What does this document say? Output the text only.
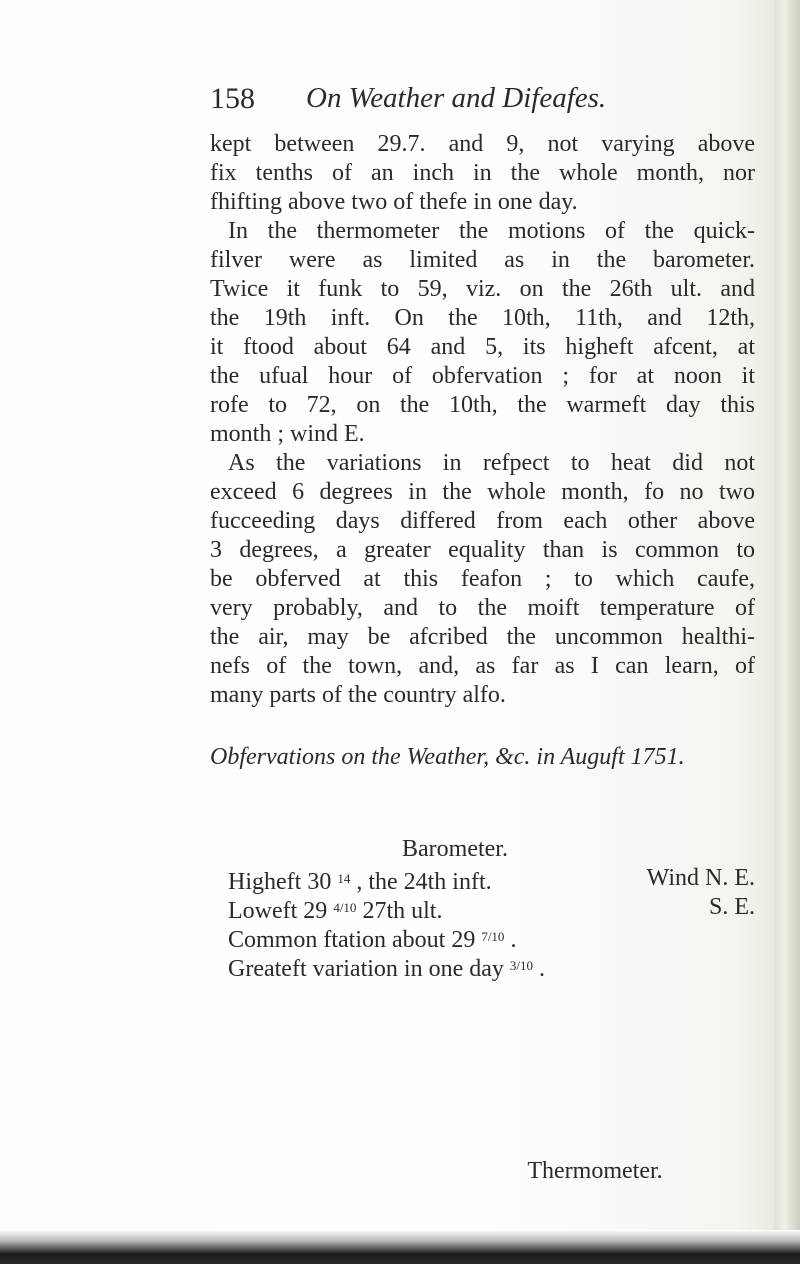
158 On Weather and Difeafes.
kept between 29.7. and 9, not varying above
fix tenths of an inch in the whole month, nor
fhifting above two of thefe in one day.
In the thermometer the motions of the quick-
filver were as limited as in the barometer.
Twice it funk to 59, viz. on the 26th ult. and
the 19th inft. On the 10th, 11th, and 12th,
it ftood about 64 and 5, its higheft afcent, at
the ufual hour of obfervation ; for at noon it
rofe to 72, on the 10th, the warmeft day this
month ; wind E.
As the variations in refpect to heat did not
exceed 6 degrees in the whole month, fo no two
fucceeding days differed from each other above
3 degrees, a greater equality than is common to
be obferved at this feafon ; to which caufe,
very probably, and to the moift temperature of
the air, may be afcribed the uncommon healthi-
nefs of the town, and, as far as I can learn, of
many parts of the country alfo.
Obfervations on the Weather, &c. in Auguft 1751.
Barometer.
Higheft 30 $^{14}$ , the 24th inft.	Wind N. E.
Loweft 29 $^{4/10}$ 27th ult.	S. E.
Common ftation about 29 $^{7/10}$ .
Greateft variation in one day $^{3/10}$ .
Thermometer.
